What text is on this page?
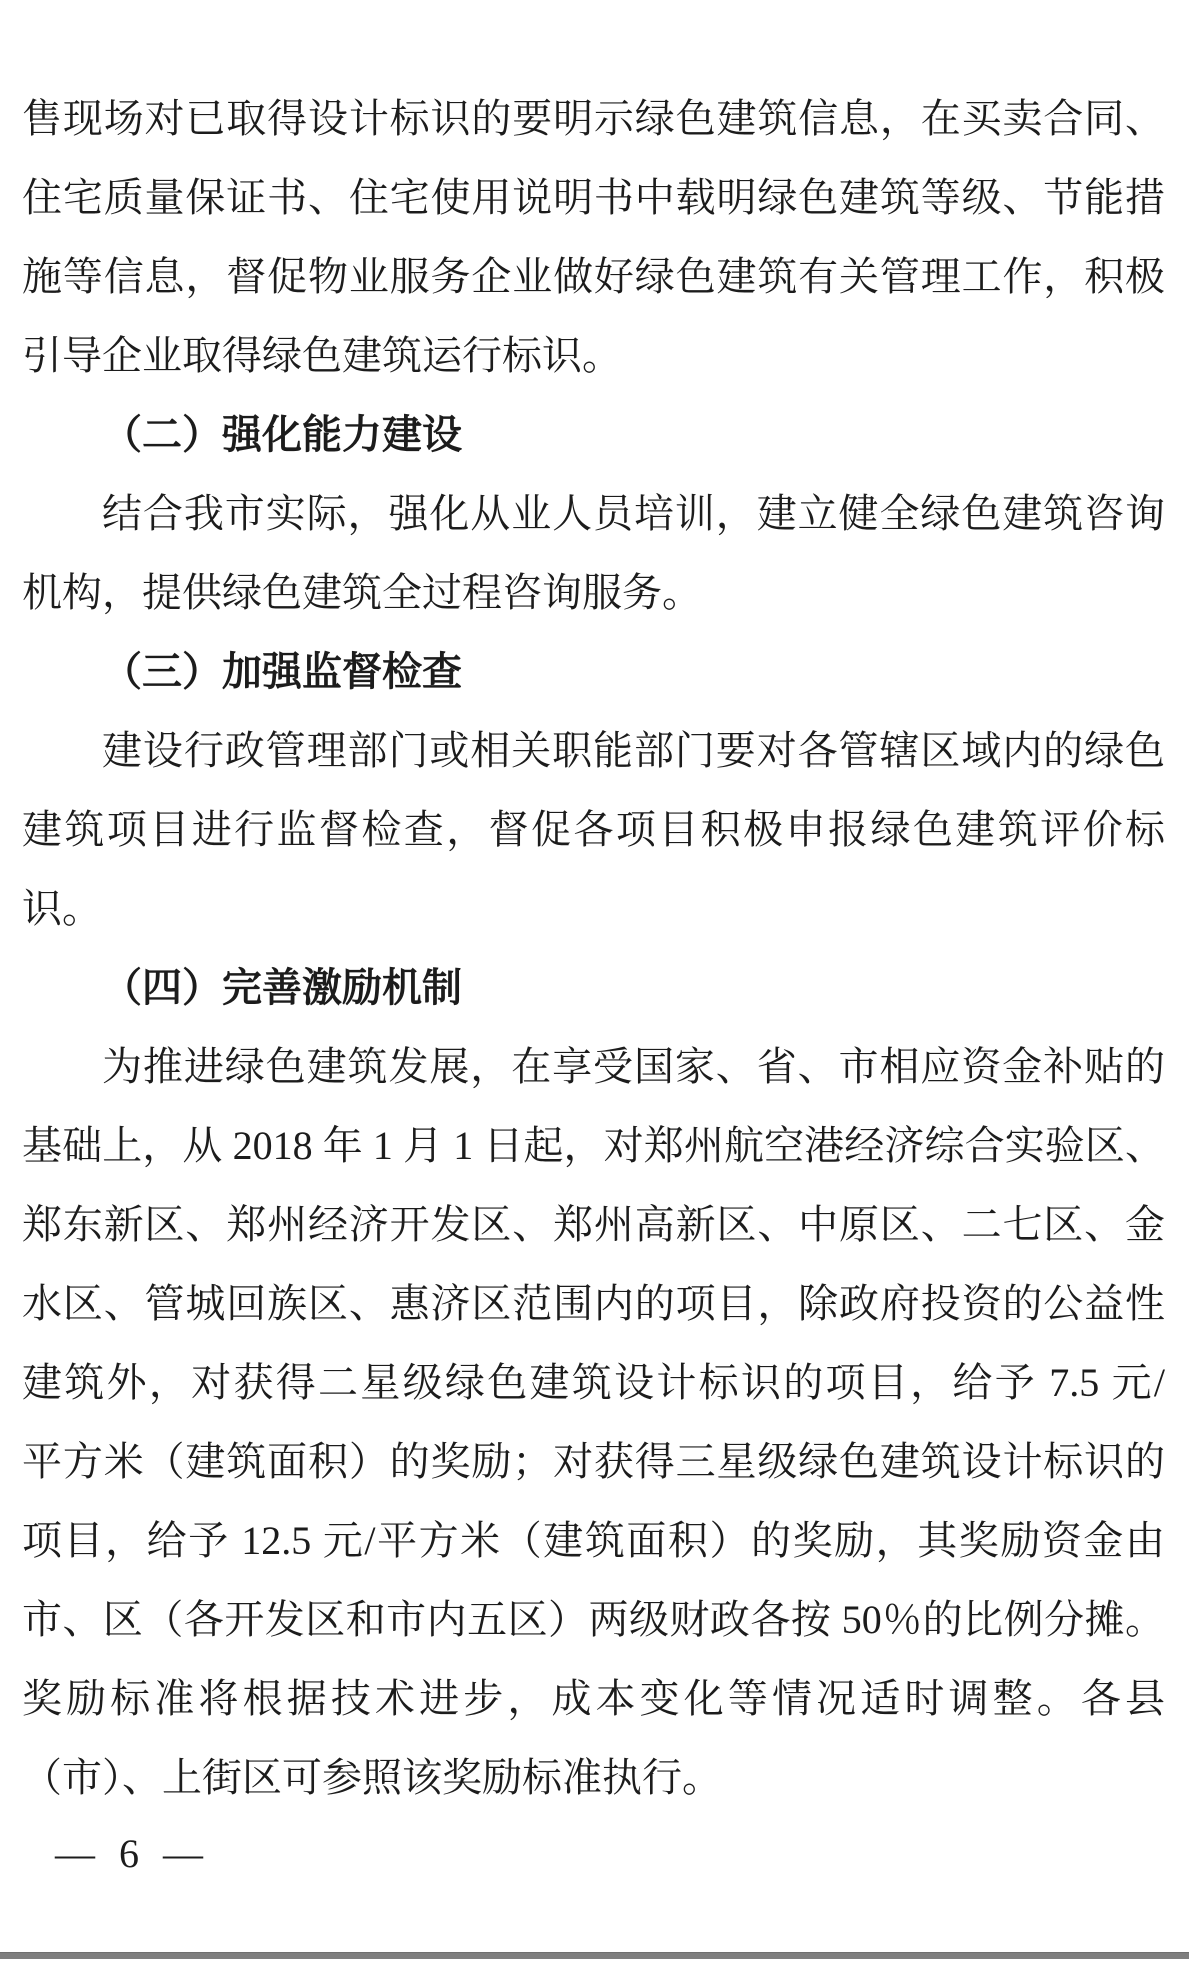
售现场对已取得设计标识的要明示绿色建筑信息，在买卖合同、

住宅质量保证书、住宅使用说明书中载明绿色建筑等级、节能措

施等信息，督促物业服务企业做好绿色建筑有关管理工作，积极

引导企业取得绿色建筑运行标识。

（二）强化能力建设

结合我市实际，强化从业人员培训，建立健全绿色建筑咨询

机构，提供绿色建筑全过程咨询服务。

（三）加强监督检查

建设行政管理部门或相关职能部门要对各管辖区域内的绿色

建筑项目进行监督检查，督促各项目积极申报绿色建筑评价标

识。

（四）完善激励机制

为推进绿色建筑发展，在享受国家、省、市相应资金补贴的

基础上，从 2018 年 1 月 1 日起，对郑州航空港经济综合实验区、

郑东新区、郑州经济开发区、郑州高新区、中原区、二七区、金

水区、管城回族区、惠济区范围内的项目，除政府投资的公益性

建筑外，对获得二星级绿色建筑设计标识的项目，给予 7.5 元/

平方米（建筑面积）的奖励；对获得三星级绿色建筑设计标识的

项目，给予 12.5 元/平方米（建筑面积）的奖励，其奖励资金由

市、区（各开发区和市内五区）两级财政各按 50％的比例分摊。

奖励标准将根据技术进步，成本变化等情况适时调整。各县

（市）、上街区可参照该奖励标准执行。

— 6 —
